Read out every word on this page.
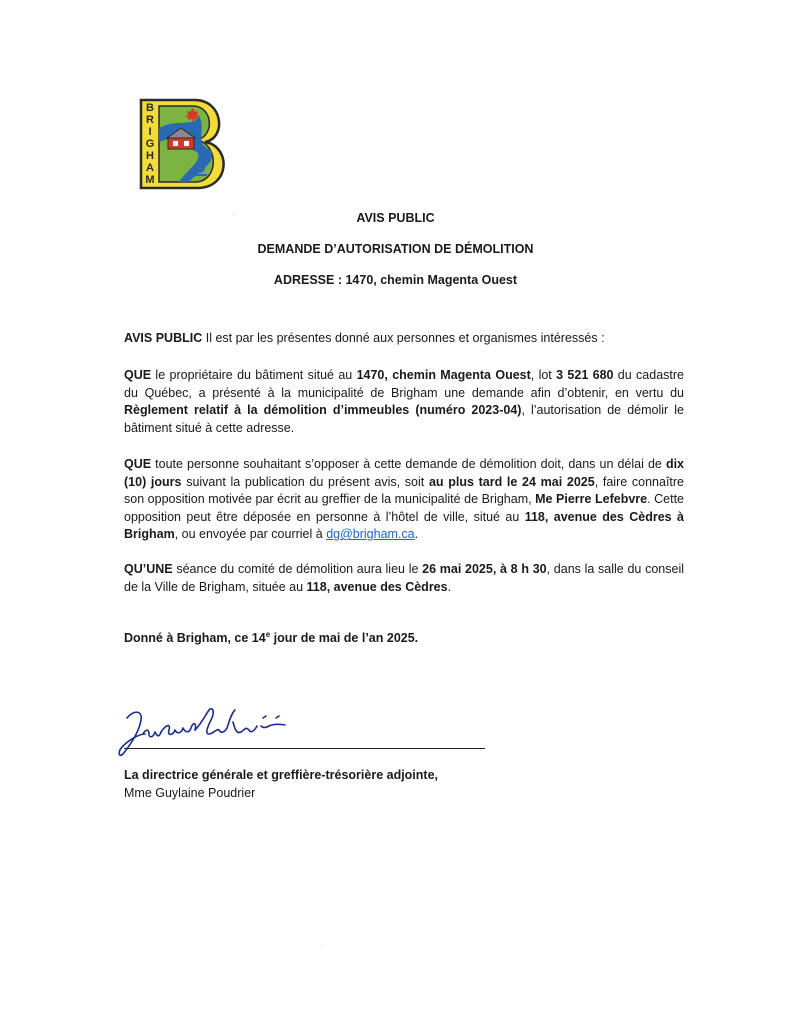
B
R
I
G
H
A
M
AVIS PUBLIC
DEMANDE D’AUTORISATION DE DÉMOLITION
ADRESSE : 1470, chemin Magenta Ouest
AVIS PUBLIC Il est par les présentes donné aux personnes et organismes intéressés :
QUE le propriétaire du bâtiment situé au 1470, chemin Magenta Ouest, lot 3 521 680 du cadastre du Québec, a présenté à la municipalité de Brigham une demande afin d’obtenir, en vertu du Règlement relatif à la démolition d’immeubles (numéro 2023-04), l’autorisation de démolir le bâtiment situé à cette adresse.
QUE toute personne souhaitant s’opposer à cette demande de démolition doit, dans un délai de dix (10) jours suivant la publication du présent avis, soit au plus tard le 24 mai 2025, faire connaître son opposition motivée par écrit au greffier de la municipalité de Brigham, Me Pierre Lefebvre. Cette opposition peut être déposée en personne à l’hôtel de ville, situé au 118, avenue des Cèdres à Brigham, ou envoyée par courriel à dg@brigham.ca.
QU’UNE séance du comité de démolition aura lieu le 26 mai 2025, à 8 h 30, dans la salle du conseil de la Ville de Brigham, située au 118, avenue des Cèdres.
Donné à Brigham, ce 14e jour de mai de l’an 2025.
La directrice générale et greffière-trésorière adjointe,
Mme Guylaine Poudrier
